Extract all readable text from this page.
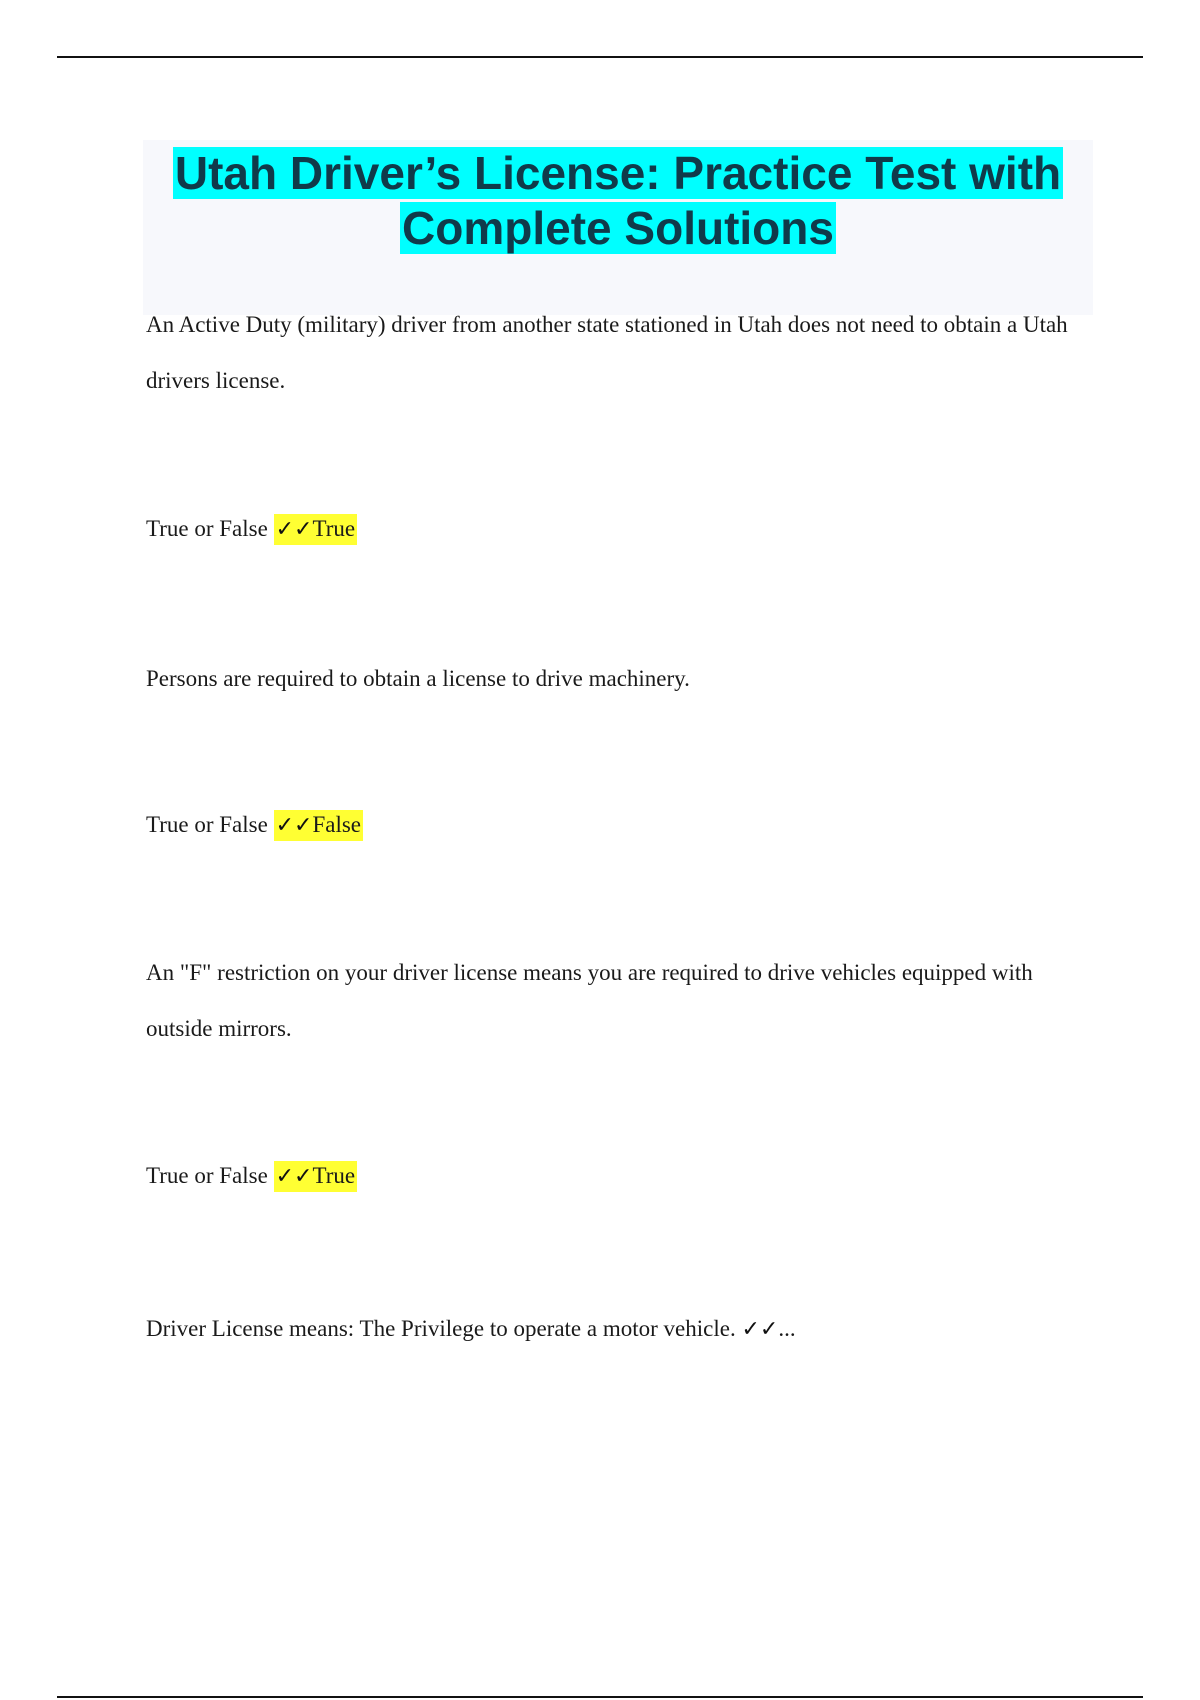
Utah Driver’s License: Practice Test with
Complete Solutions

An Active Duty (military) driver from another state stationed in Utah does not need to obtain a Utah drivers license.

True or False ✓✓True

Persons are required to obtain a license to drive machinery.

True or False ✓✓False

An "F" restriction on your driver license means you are required to drive vehicles equipped with outside mirrors.

True or False ✓✓True

Driver License means: The Privilege to operate a motor vehicle. ✓✓...
